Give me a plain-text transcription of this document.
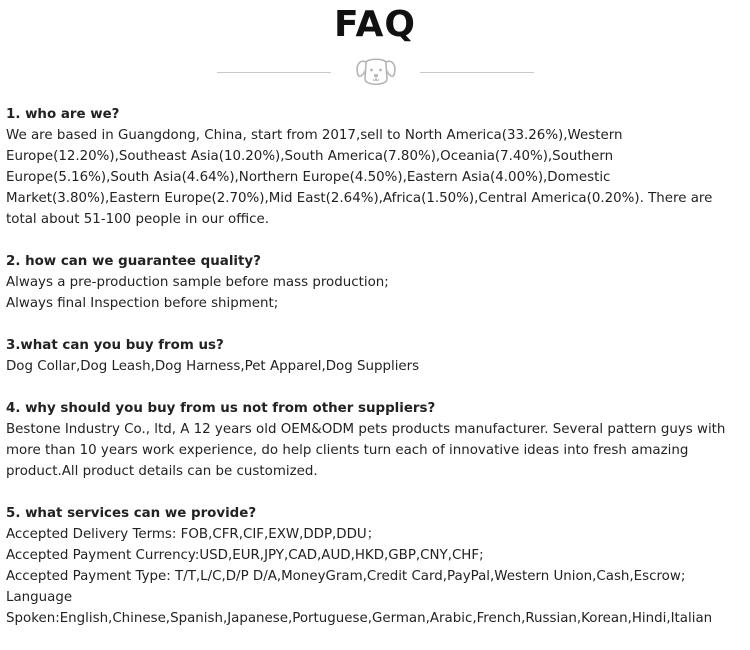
FAQ
1. who are we?
We are based in Guangdong, China, start from 2017,sell to North America(33.26%),Western Europe(12.20%),Southeast Asia(10.20%),South America(7.80%),Oceania(7.40%),Southern Europe(5.16%),South Asia(4.64%),Northern Europe(4.50%),Eastern Asia(4.00%),Domestic Market(3.80%),Eastern Europe(2.70%),Mid East(2.64%),Africa(1.50%),Central America(0.20%). There are total about 51-100 people in our office.
2. how can we guarantee quality?
Always a pre-production sample before mass production;
Always final Inspection before shipment;
3.what can you buy from us?
Dog Collar,Dog Leash,Dog Harness,Pet Apparel,Dog Suppliers
4. why should you buy from us not from other suppliers?
Bestone Industry Co., ltd, A 12 years old OEM&ODM pets products manufacturer. Several pattern guys with more than 10 years work experience, do help clients turn each of innovative ideas into fresh amazing product.All product details can be customized.
5. what services can we provide?
Accepted Delivery Terms: FOB,CFR,CIF,EXW,DDP,DDU；
Accepted Payment Currency:USD,EUR,JPY,CAD,AUD,HKD,GBP,CNY,CHF;
Accepted Payment Type: T/T,L/C,D/P D/A,MoneyGram,Credit Card,PayPal,Western Union,Cash,Escrow;
Language Spoken:English,Chinese,Spanish,Japanese,Portuguese,German,Arabic,French,Russian,Korean,Hindi,Italian
